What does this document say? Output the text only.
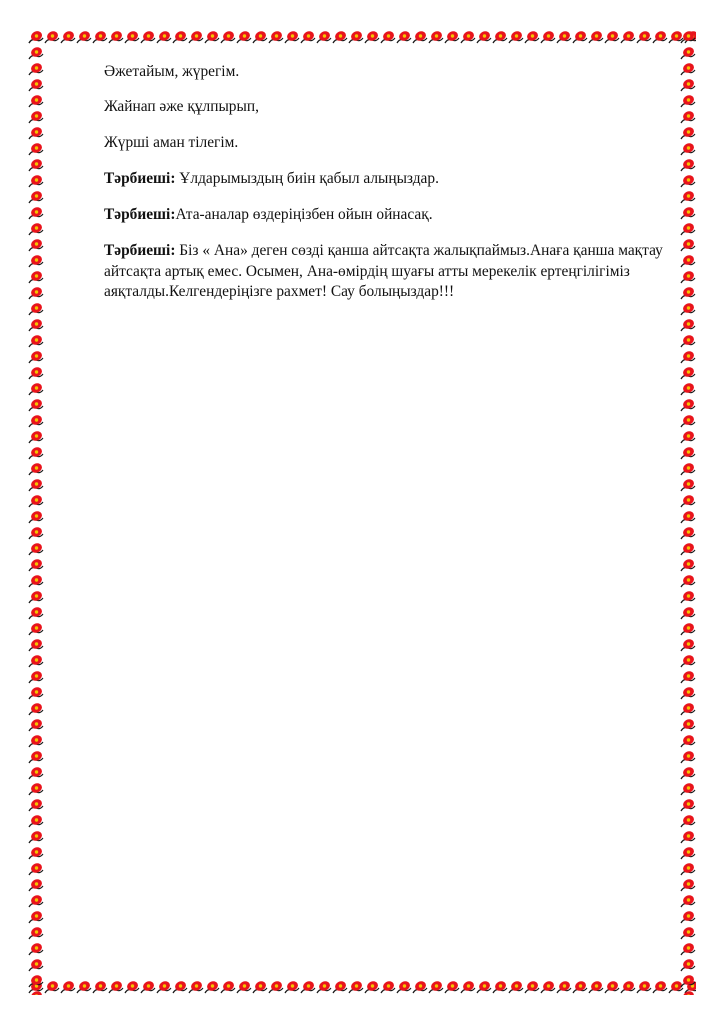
Әжетайым, жүрегім.

Жайнап әже құлпырып,

Жүрші аман тілегім.

Тәрбиеші: Ұлдарымыздың биін қабыл алыңыздар.

Тәрбиеші:Ата-аналар өздеріңізбен ойын ойнасақ.

Тәрбиеші: Біз « Ана» деген сөзді қанша айтсақта жалықпаймыз.Анаға қанша мақтау айтсақта артық емес. Осымен, Ана-өмірдің шуағы атты мерекелік ертеңгілігіміз аяқталды.Келгендеріңізге рахмет! Сау болыңыздар!!!
